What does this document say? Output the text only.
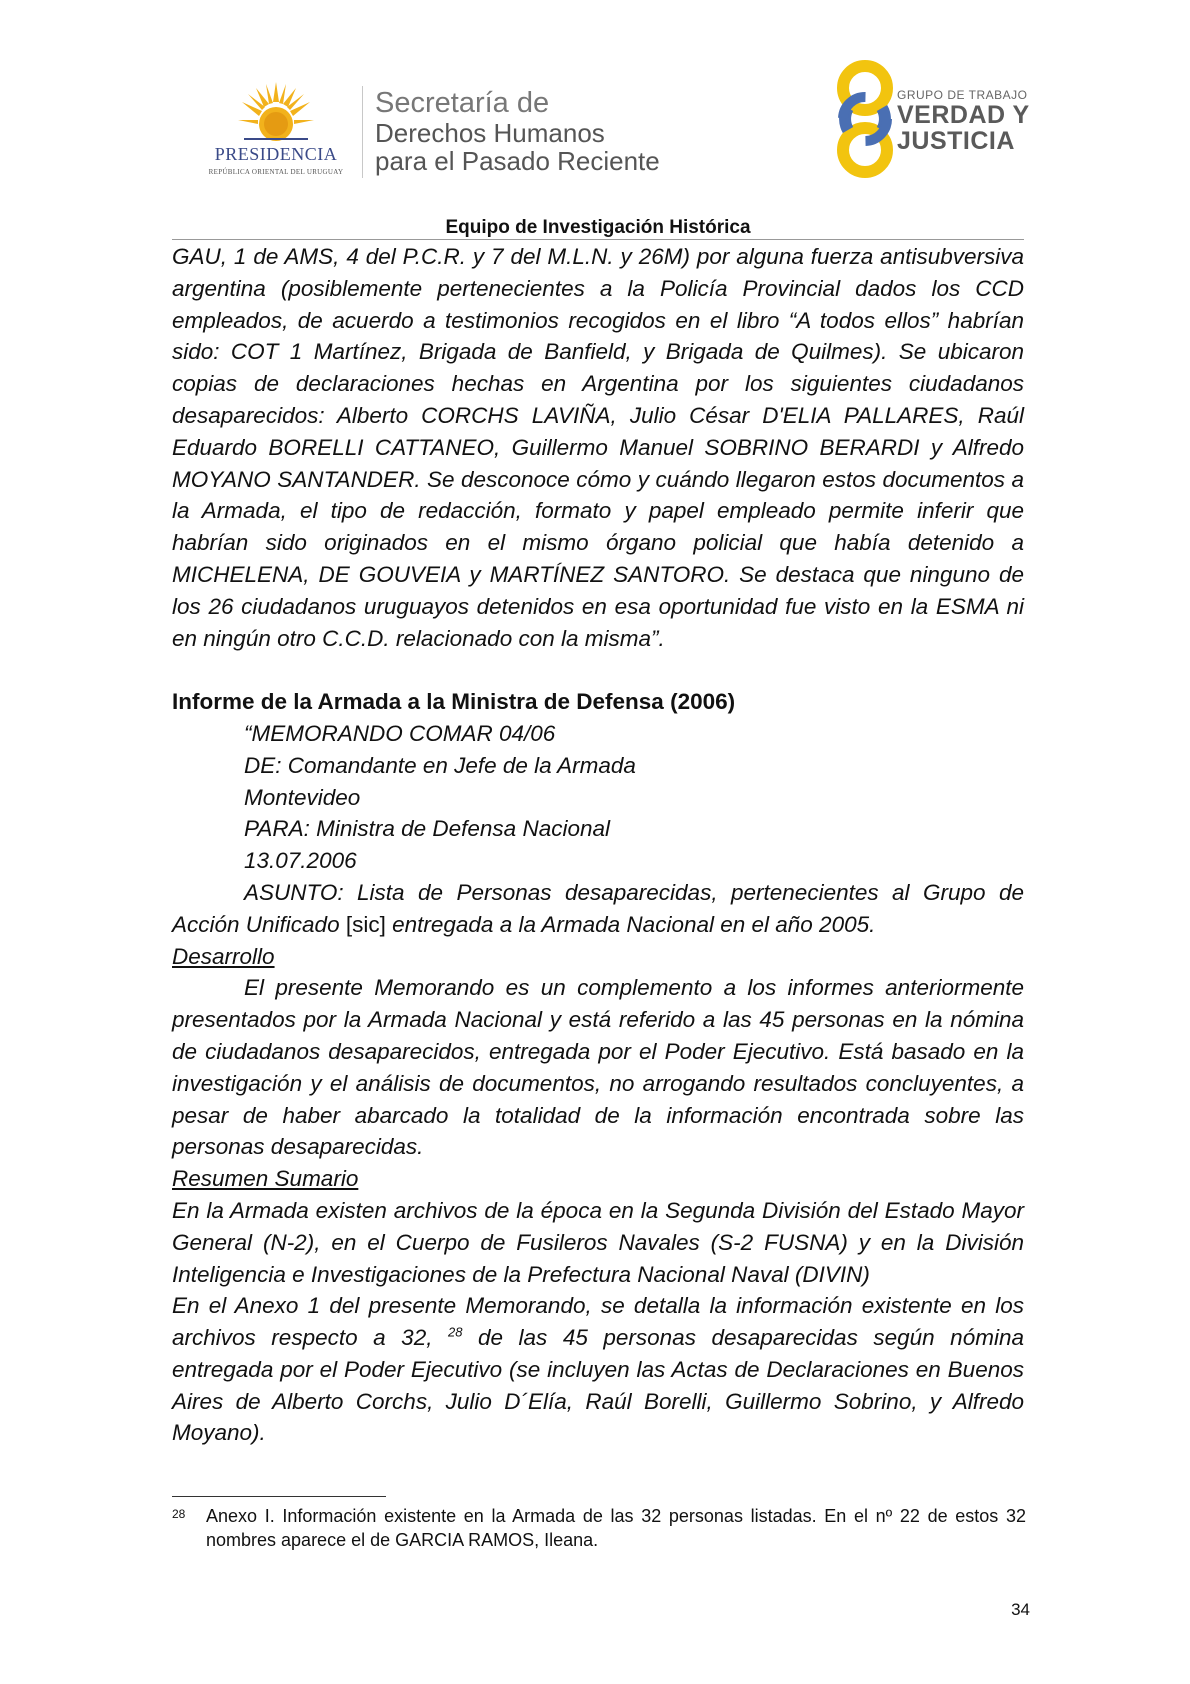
PRESIDENCIA
REPÚBLICA ORIENTAL DEL URUGUAY
Secretaría de
Derechos Humanos
para el Pasado Reciente
GRUPO DE TRABAJO
VERDAD Y
JUSTICIA
Equipo de Investigación Histórica

GAU, 1 de AMS, 4 del P.C.R. y 7 del M.L.N. y 26M) por alguna fuerza antisubversiva argentina (posiblemente pertenecientes a la Policía Provincial dados los CCD empleados, de acuerdo a testimonios recogidos en el libro “A todos ellos” habrían sido: COT 1 Martínez, Brigada de Banfield, y Brigada de Quilmes). Se ubicaron copias de declaraciones hechas en Argentina por los siguientes ciudadanos desaparecidos: Alberto CORCHS LAVIÑA, Julio César D'ELIA PALLARES, Raúl Eduardo BORELLI CATTANEO, Guillermo Manuel SOBRINO BERARDI y Alfredo MOYANO SANTANDER. Se desconoce cómo y cuándo llegaron estos documentos a la Armada, el tipo de redacción, formato y papel empleado permite inferir que habrían sido originados en el mismo órgano policial que había detenido a MICHELENA, DE GOUVEIA y MARTÍNEZ SANTORO. Se destaca que ninguno de los 26 ciudadanos uruguayos detenidos en esa oportunidad fue visto en la ESMA ni en ningún otro C.C.D. relacionado con la misma”.

Informe de la Armada a la Ministra de Defensa (2006)

“MEMORANDO COMAR 04/06

DE: Comandante en Jefe de la Armada

Montevideo

PARA: Ministra de Defensa Nacional

13.07.2006

ASUNTO: Lista de Personas desaparecidas, pertenecientes al Grupo de Acción Unificado [sic] entregada a la Armada Nacional en el año 2005.

Desarrollo

El presente Memorando es un complemento a los informes anteriormente presentados por la Armada Nacional y está referido a las 45 personas en la nómina de ciudadanos desaparecidos, entregada por el Poder Ejecutivo. Está basado en la investigación y el análisis de documentos, no arrogando resultados concluyentes, a pesar de haber abarcado la totalidad de la información encontrada sobre las personas desaparecidas.

Resumen Sumario

En la Armada existen archivos de la época en la Segunda División del Estado Mayor General (N-2), en el Cuerpo de Fusileros Navales (S-2 FUSNA) y en la División Inteligencia e Investigaciones de la Prefectura Nacional Naval (DIVIN)

En el Anexo 1 del presente Memorando, se detalla la información existente en los archivos respecto a 32, $^{28}$ de las 45 personas desaparecidas según nómina entregada por el Poder Ejecutivo (se incluyen las Actas de Declaraciones en Buenos Aires de Alberto Corchs, Julio D´Elía, Raúl Borelli, Guillermo Sobrino, y Alfredo Moyano).

28 Anexo I. Información existente en la Armada de las 32 personas listadas. En el nº 22 de estos 32 nombres aparece el de GARCIA RAMOS, Ileana.

34
